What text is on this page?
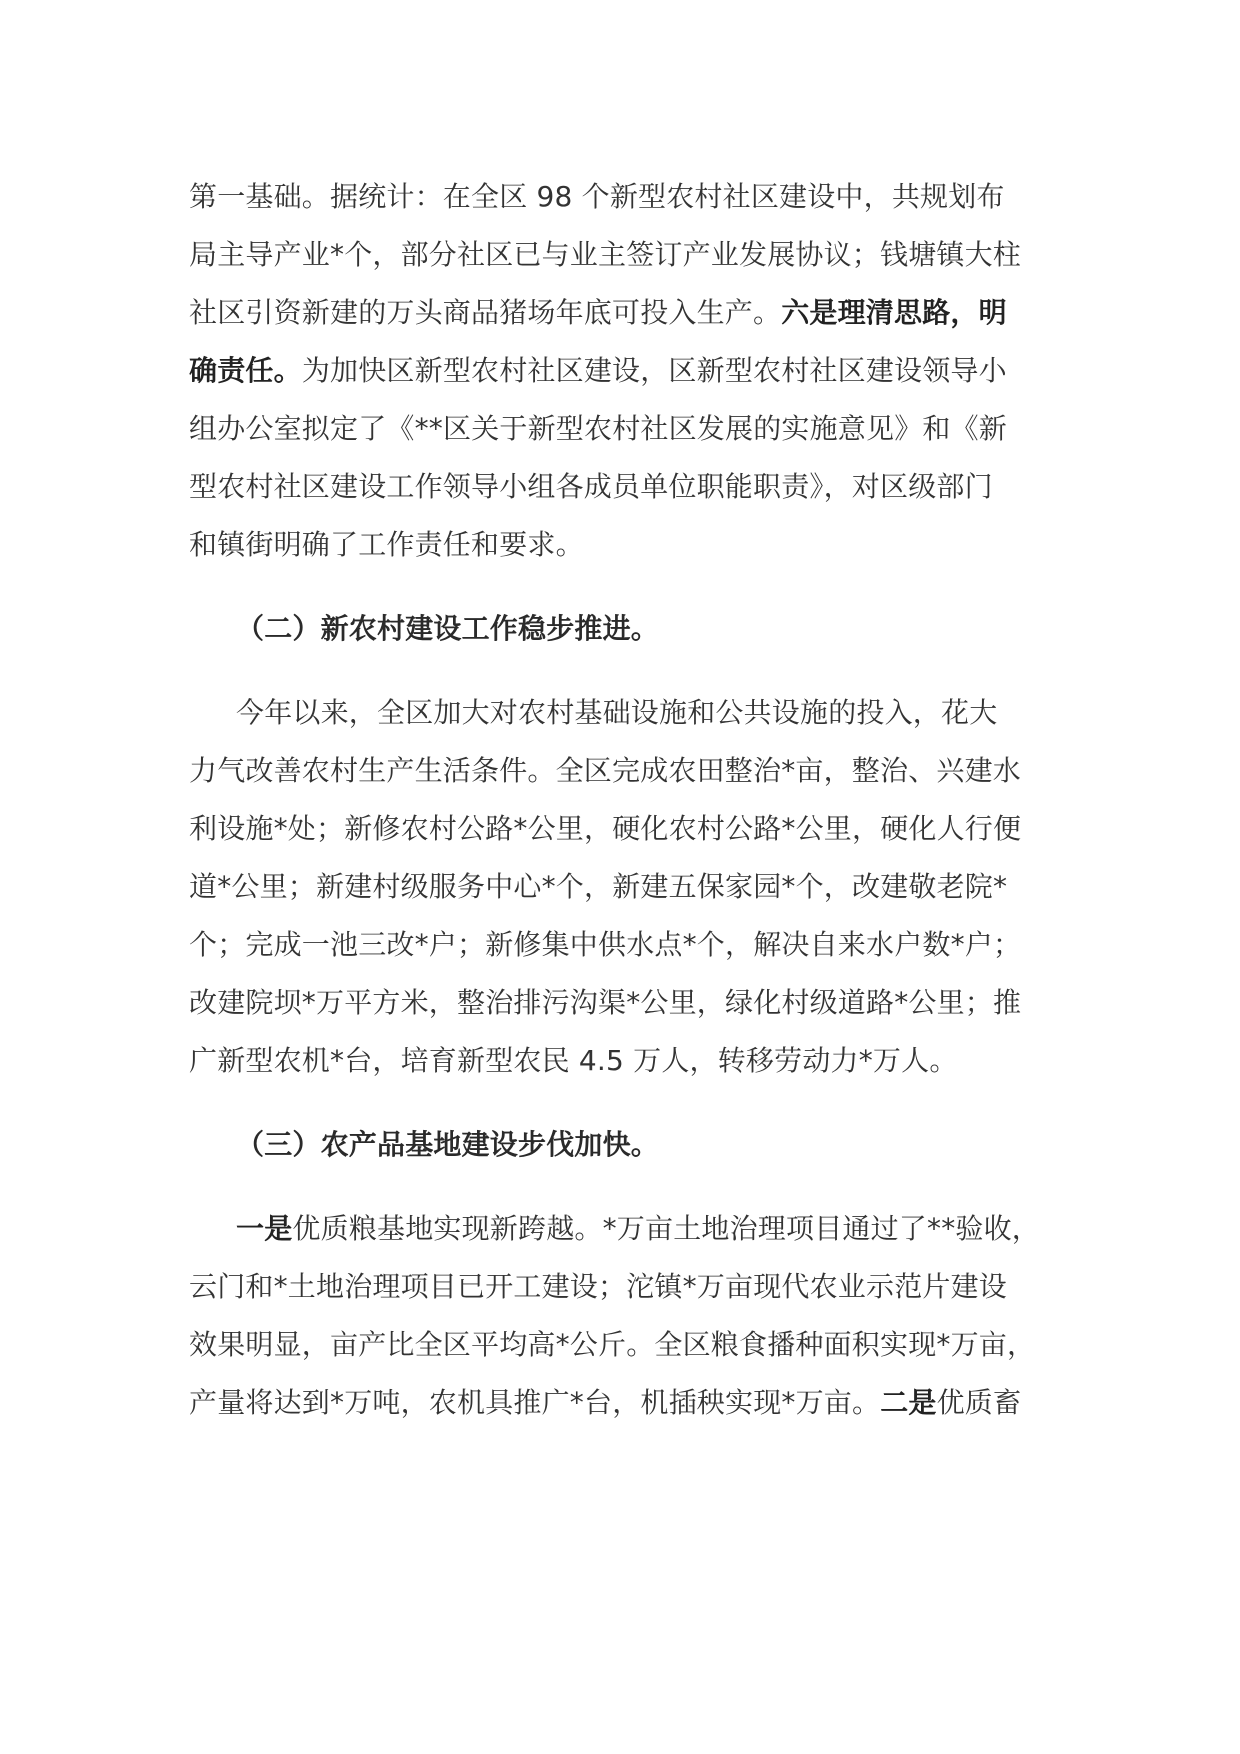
第一基础。据统计：在全区 98 个新型农村社区建设中，共规划布
局主导产业*个，部分社区已与业主签订产业发展协议；钱塘镇大柱
社区引资新建的万头商品猪场年底可投入生产。六是理清思路，明
确责任。为加快区新型农村社区建设，区新型农村社区建设领导小
组办公室拟定了《**区关于新型农村社区发展的实施意见》和《新
型农村社区建设工作领导小组各成员单位职能职责》，对区级部门
和镇街明确了工作责任和要求。
（二）新农村建设工作稳步推进。
今年以来，全区加大对农村基础设施和公共设施的投入，花大
力气改善农村生产生活条件。全区完成农田整治*亩，整治、兴建水
利设施*处；新修农村公路*公里，硬化农村公路*公里，硬化人行便
道*公里；新建村级服务中心*个，新建五保家园*个，改建敬老院*
个；完成一池三改*户；新修集中供水点*个，解决自来水户数*户；
改建院坝*万平方米，整治排污沟渠*公里，绿化村级道路*公里；推
广新型农机*台，培育新型农民 4.5 万人，转移劳动力*万人。
（三）农产品基地建设步伐加快。
一是优质粮基地实现新跨越。*万亩土地治理项目通过了**验收，
云门和*土地治理项目已开工建设；沱镇*万亩现代农业示范片建设
效果明显，亩产比全区平均高*公斤。全区粮食播种面积实现*万亩，
产量将达到*万吨，农机具推广*台，机插秧实现*万亩。二是优质畜
